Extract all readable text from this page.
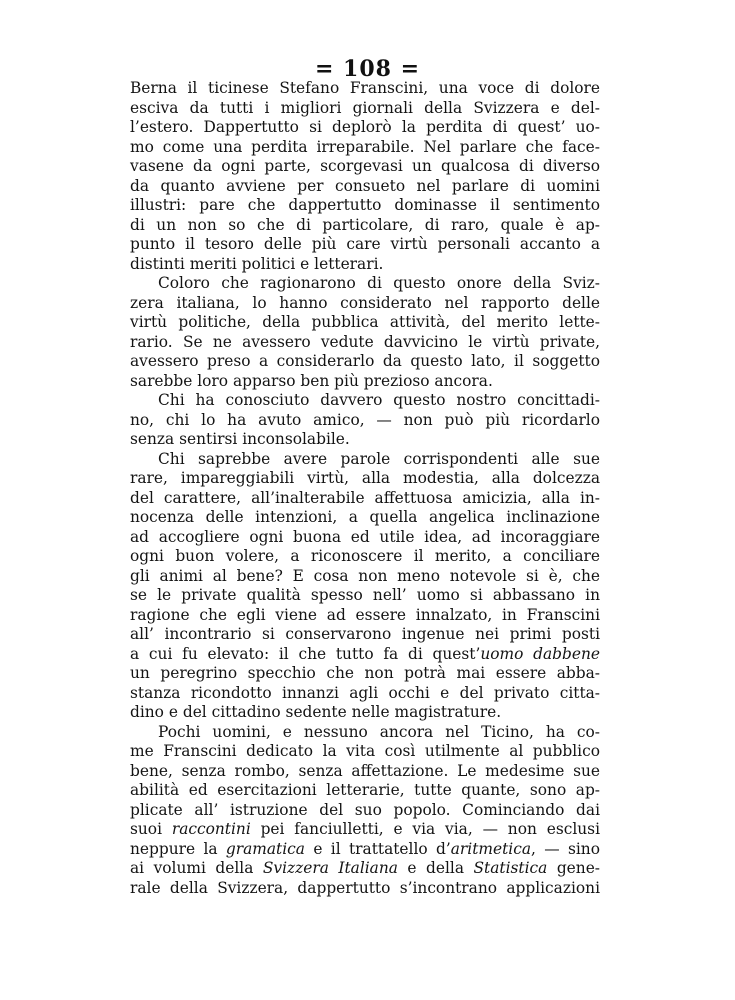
= 108 =
Berna il ticinese Stefano Franscini, una voce di dolore
esciva da tutti i migliori giornali della Svizzera e del-
l’estero. Dappertutto si deplorò la perdita di quest’ uo-
mo come una perdita irreparabile. Nel parlare che face-
vasene da ogni parte, scorgevasi un qualcosa di diverso
da quanto avviene per consueto nel parlare di uomini
illustri: pare che dappertutto dominasse il sentimento
di un non so che di particolare, di raro, quale è ap-
punto il tesoro delle più care virtù personali accanto a
distinti meriti politici e letterari.
Coloro che ragionarono di questo onore della Sviz-
zera italiana, lo hanno considerato nel rapporto delle
virtù politiche, della pubblica attività, del merito lette-
rario. Se ne avessero vedute davvicino le virtù private,
avessero preso a considerarlo da questo lato, il soggetto
sarebbe loro apparso ben più prezioso ancora.
Chi ha conosciuto davvero questo nostro concittadi-
no, chi lo ha avuto amico, — non può più ricordarlo
senza sentirsi inconsolabile.
Chi saprebbe avere parole corrispondenti alle sue
rare, impareggiabili virtù, alla modestia, alla dolcezza
del carattere, all’inalterabile affettuosa amicizia, alla in-
nocenza delle intenzioni, a quella angelica inclinazione
ad accogliere ogni buona ed utile idea, ad incoraggiare
ogni buon volere, a riconoscere il merito, a conciliare
gli animi al bene? E cosa non meno notevole si è, che
se le private qualità spesso nell’ uomo si abbassano in
ragione che egli viene ad essere innalzato, in Franscini
all’ incontrario si conservarono ingenue nei primi posti
a cui fu elevato: il che tutto fa di quest’uomo dabbene
un peregrino specchio che non potrà mai essere abba-
stanza ricondotto innanzi agli occhi e del privato citta-
dino e del cittadino sedente nelle magistrature.
Pochi uomini, e nessuno ancora nel Ticino, ha co-
me Franscini dedicato la vita così utilmente al pubblico
bene, senza rombo, senza affettazione. Le medesime sue
abilità ed esercitazioni letterarie, tutte quante, sono ap-
plicate all’ istruzione del suo popolo. Cominciando dai
suoi raccontini pei fanciulletti, e via via, — non esclusi
neppure la gramatica e il trattatello d’aritmetica, — sino
ai volumi della Svizzera Italiana e della Statistica gene-
rale della Svizzera, dappertutto s’incontrano applicazioni
